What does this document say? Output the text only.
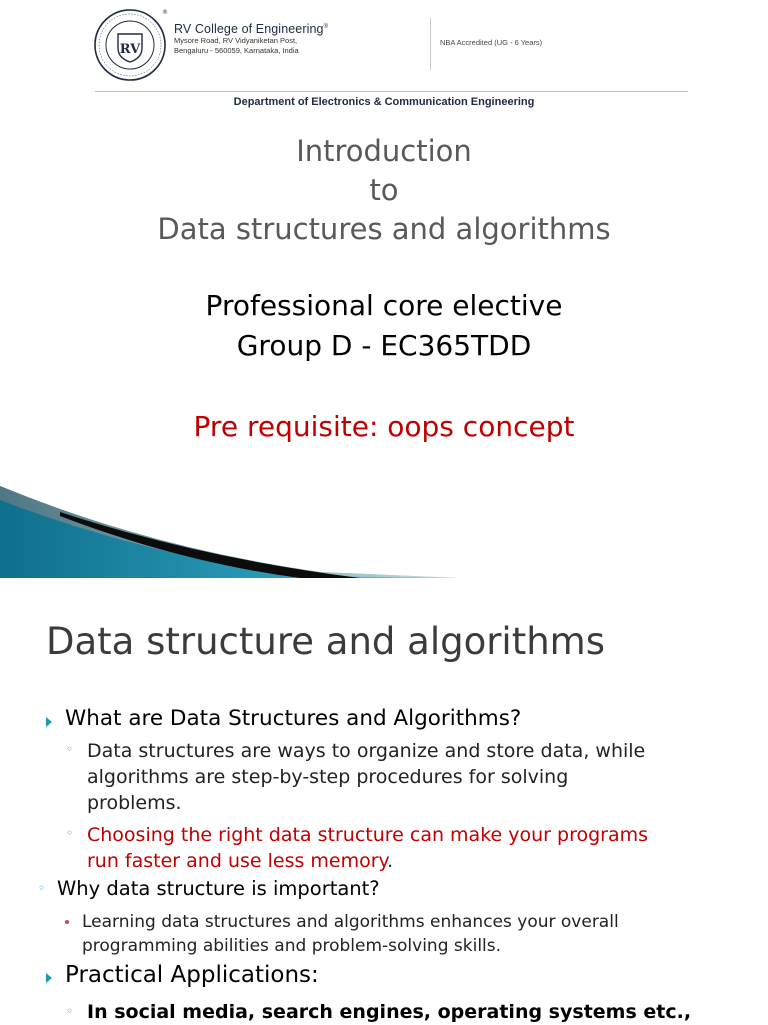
RV
®
RV College of Engineering®
Mysore Road, RV Vidyaniketan Post,
Bengaluru - 560059, Karnataka, India
NBA Accredited (UG - 6 Years)
Department of Electronics & Communication Engineering
Introduction
to
Data structures and algorithms
Professional core elective
Group D - EC365TDD
Pre requisite: oops concept
Data structure and algorithms
What are Data Structures and Algorithms?
◦ Data structures are ways to organize and store data, while
algorithms are step-by-step procedures for solving
problems.
◦ Choosing the right data structure can make your programs
run faster and use less memory.
◦ Why data structure is important?
Learning data structures and algorithms enhances your overall
programming abilities and problem-solving skills.
Practical Applications:
◦ In social media, search engines, operating systems etc.,
